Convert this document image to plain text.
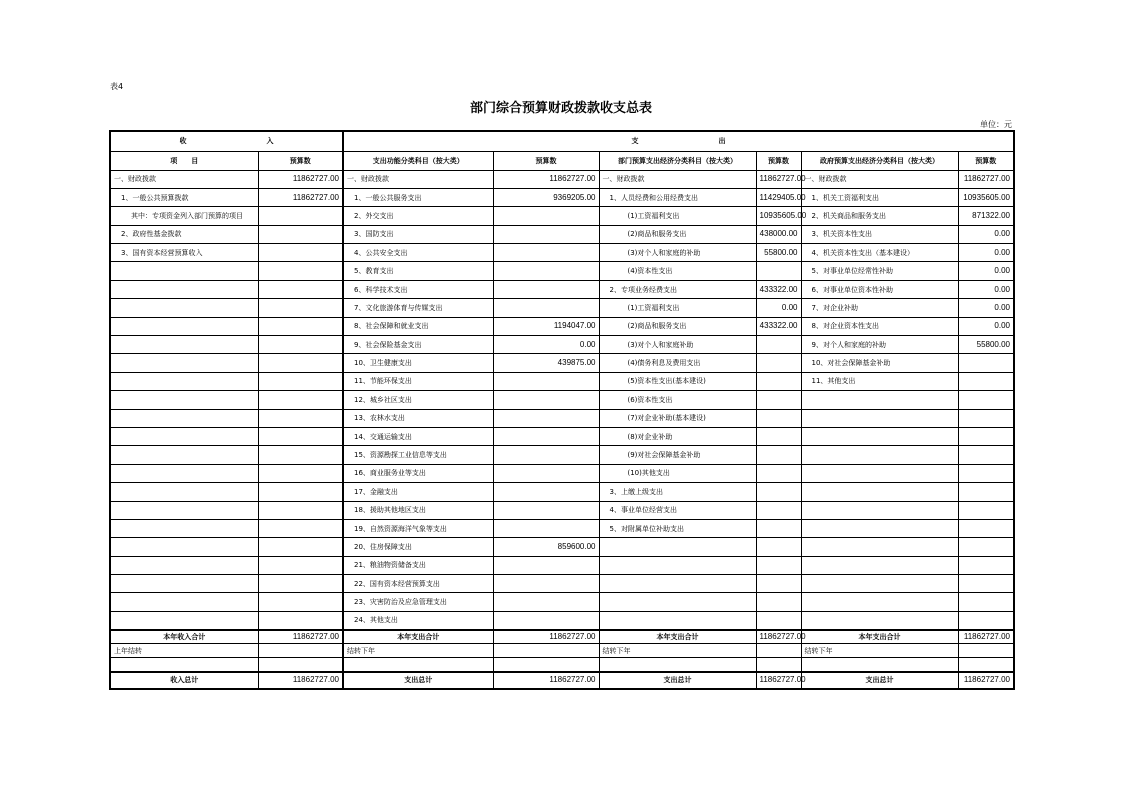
表4
部门综合预算财政拨款收支总表
单位：元
收 入		支 出					
项　　目	预算数	支出功能分类科目（按大类）	预算数	部门预算支出经济分类科目（按大类）	预算数	政府预算支出经济分类科目（按大类）	预算数
一、财政拨款	11862727.00	一、财政拨款	11862727.00	一、财政拨款	11862727.00	一、财政拨款	11862727.00
1、一般公共预算拨款	11862727.00	1、一般公共服务支出	9369205.00	1、人员经费和公用经费支出	11429405.00	1、机关工资福利支出	10935605.00
其中：专项资金列入部门预算的项目		2、外交支出		(1)工资福利支出	10935605.00	2、机关商品和服务支出	871322.00
2、政府性基金拨款		3、国防支出		(2)商品和服务支出	438000.00	3、机关资本性支出	0.00
3、国有资本经营预算收入		4、公共安全支出		(3)对个人和家庭的补助	55800.00	4、机关资本性支出（基本建设）	0.00
		5、教育支出		(4)资本性支出		5、对事业单位经常性补助	0.00
		6、科学技术支出		2、专项业务经费支出	433322.00	6、对事业单位资本性补助	0.00
		7、文化旅游体育与传媒支出		(1)工资福利支出	0.00	7、对企业补助	0.00
		8、社会保障和就业支出	1194047.00	(2)商品和服务支出	433322.00	8、对企业资本性支出	0.00
		9、社会保险基金支出	0.00	(3)对个人和家庭补助		9、对个人和家庭的补助	55800.00
		10、卫生健康支出	439875.00	(4)债务利息及费用支出		10、对社会保障基金补助	
		11、节能环保支出		(5)资本性支出(基本建设)		11、其他支出	
		12、城乡社区支出		(6)资本性支出			
		13、农林水支出		(7)对企业补助(基本建设)			
		14、交通运输支出		(8)对企业补助			
		15、资源勘探工业信息等支出		(9)对社会保障基金补助			
		16、商业服务业等支出		(10)其他支出			
		17、金融支出		3、上缴上级支出			
		18、援助其他地区支出		4、事业单位经营支出			
		19、自然资源海洋气象等支出		5、对附属单位补助支出			
		20、住房保障支出	859600.00				
		21、粮油物资储备支出					
		22、国有资本经营预算支出					
		23、灾害防治及应急管理支出					
		24、其他支出					
本年收入合计	11862727.00	本年支出合计	11862727.00	本年支出合计	11862727.00	本年支出合计	11862727.00
上年结转		结转下年		结转下年		结转下年	

收入总计	11862727.00	支出总计	11862727.00	支出总计	11862727.00	支出总计	11862727.00
